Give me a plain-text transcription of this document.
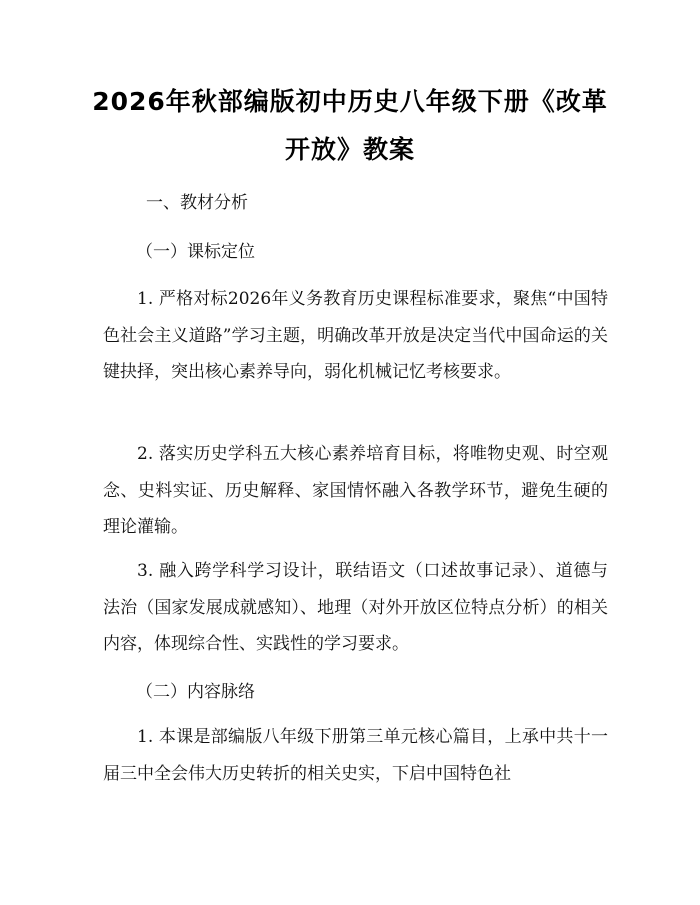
2026年秋部编版初中历史八年级下册《改革开放》教案
一、教材分析
（一）课标定位
1. 严格对标2026年义务教育历史课程标准要求，聚焦“中国特色社会主义道路”学习主题，明确改革开放是决定当代中国命运的关键抉择，突出核心素养导向，弱化机械记忆考核要求。
2. 落实历史学科五大核心素养培育目标，将唯物史观、时空观念、史料实证、历史解释、家国情怀融入各教学环节，避免生硬的理论灌输。
3. 融入跨学科学习设计，联结语文（口述故事记录）、道德与法治（国家发展成就感知）、地理（对外开放区位特点分析）的相关内容，体现综合性、实践性的学习要求。
（二）内容脉络
1. 本课是部编版八年级下册第三单元核心篇目，上承中共十一届三中全会伟大历史转折的相关史实，下启中国特色社
